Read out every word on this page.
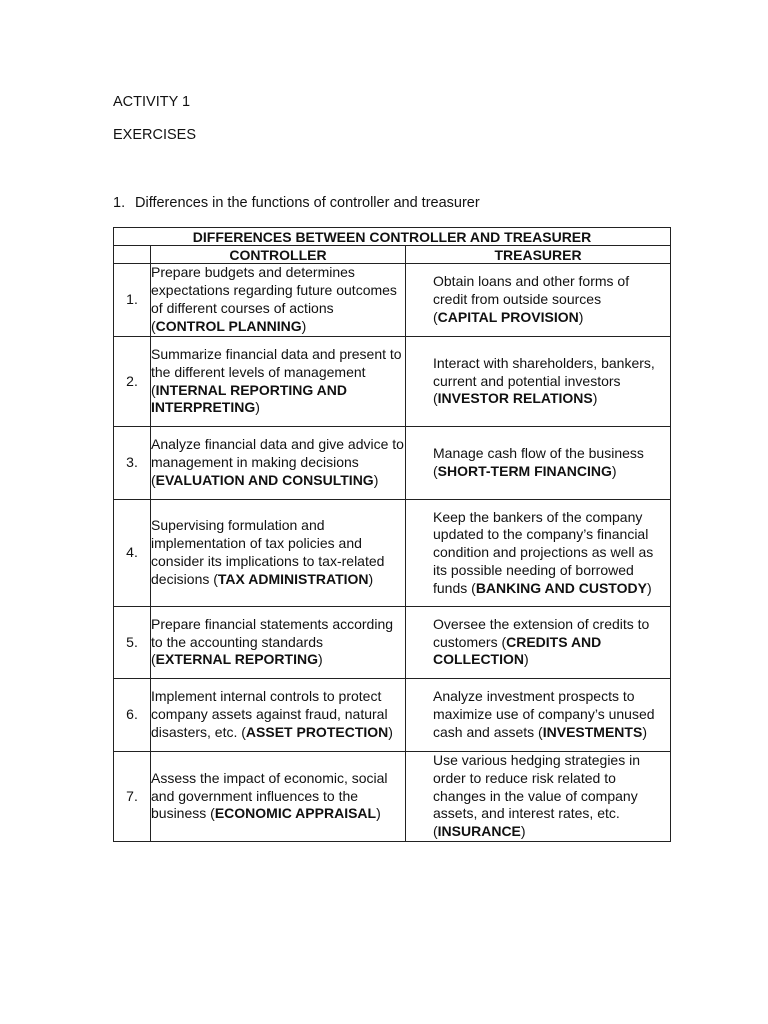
ACTIVITY 1
EXERCISES
1. Differences in the functions of controller and treasurer
DIFFERENCES BETWEEN CONTROLLER AND TREASURER		
	CONTROLLER	TREASURER
1.	Prepare budgets and determines expectations regarding future outcomes of different courses of actions (CONTROL PLANNING)	Obtain loans and other forms of credit from outside sources (CAPITAL PROVISION)
2.	Summarize financial data and present to the different levels of management (INTERNAL REPORTING AND INTERPRETING)	Interact with shareholders, bankers, current and potential investors (INVESTOR RELATIONS)
3.	Analyze financial data and give advice to management in making decisions (EVALUATION AND CONSULTING)	Manage cash flow of the business (SHORT-TERM FINANCING)
4.	Supervising formulation and implementation of tax policies and consider its implications to tax-related decisions (TAX ADMINISTRATION)	Keep the bankers of the company updated to the company’s financial condition and projections as well as its possible needing of borrowed funds (BANKING AND CUSTODY)
5.	Prepare financial statements according to the accounting standards (EXTERNAL REPORTING)	Oversee the extension of credits to customers (CREDITS AND COLLECTION)
6.	Implement internal controls to protect company assets against fraud, natural disasters, etc. (ASSET PROTECTION)	Analyze investment prospects to maximize use of company’s unused cash and assets (INVESTMENTS)
7.	Assess the impact of economic, social and government influences to the business (ECONOMIC APPRAISAL)	Use various hedging strategies in order to reduce risk related to changes in the value of company assets, and interest rates, etc. (INSURANCE)
